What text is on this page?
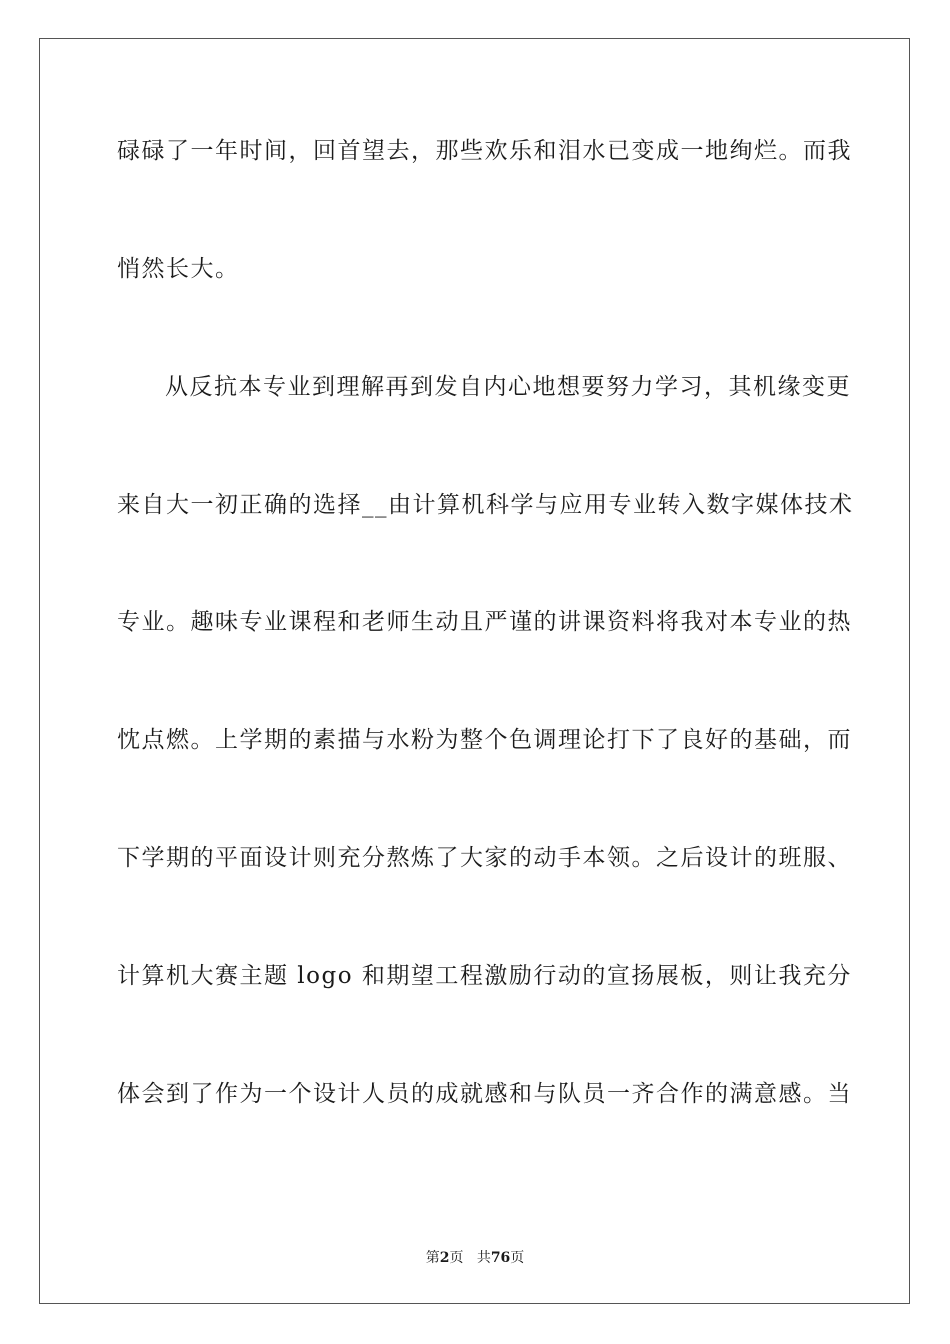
碌碌了一年时间，回首望去，那些欢乐和泪水已变成一地绚烂。而我
悄然长大。
从反抗本专业到理解再到发自内心地想要努力学习，其机缘变更
来自大一初正确的选择__由计算机科学与应用专业转入数字媒体技术
专业。趣味专业课程和老师生动且严谨的讲课资料将我对本专业的热
忱点燃。上学期的素描与水粉为整个色调理论打下了良好的基础，而
下学期的平面设计则充分熬炼了大家的动手本领。之后设计的班服、
计算机大赛主题 logo 和期望工程激励行动的宣扬展板，则让我充分
体会到了作为一个设计人员的成就感和与队员一齐合作的满意感。当
第2页 共76页
